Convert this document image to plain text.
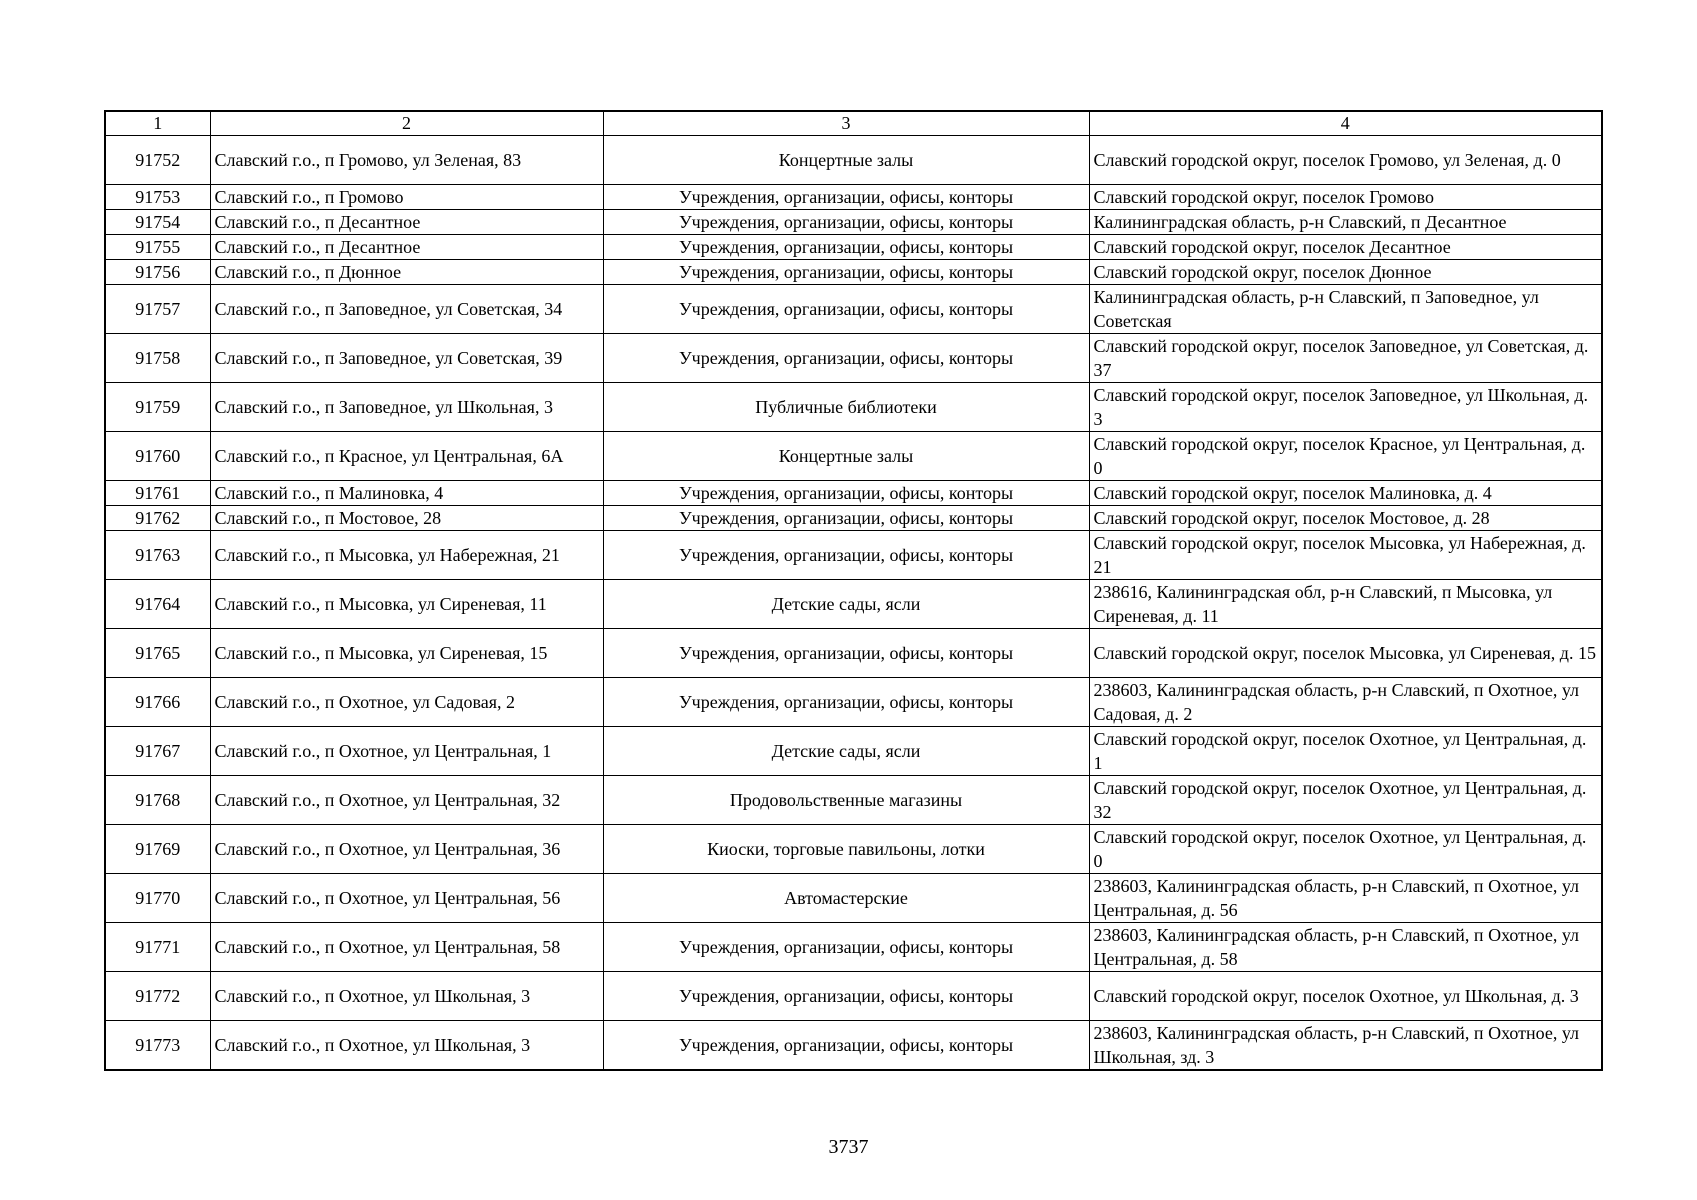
1	2	3	4
91752	Славский г.о., п Громово, ул Зеленая, 83	Концертные залы	Славский городской округ, поселок Громово, ул Зеленая, д. 0
91753	Славский г.о., п Громово	Учреждения, организации, офисы, конторы	Славский городской округ, поселок Громово
91754	Славский г.о., п Десантное	Учреждения, организации, офисы, конторы	Калининградская область, р-н Славский, п Десантное
91755	Славский г.о., п Десантное	Учреждения, организации, офисы, конторы	Славский городской округ, поселок Десантное
91756	Славский г.о., п Дюнное	Учреждения, организации, офисы, конторы	Славский городской округ, поселок Дюнное
91757	Славский г.о., п Заповедное, ул Советская, 34	Учреждения, организации, офисы, конторы	Калининградская область, р-н Славский, п Заповедное, ул Советская
91758	Славский г.о., п Заповедное, ул Советская, 39	Учреждения, организации, офисы, конторы	Славский городской округ, поселок Заповедное, ул Советская, д. 37
91759	Славский г.о., п Заповедное, ул Школьная, 3	Публичные библиотеки	Славский городской округ, поселок Заповедное, ул Школьная, д. 3
91760	Славский г.о., п Красное, ул Центральная, 6А	Концертные залы	Славский городской округ, поселок Красное, ул Центральная, д. 0
91761	Славский г.о., п Малиновка, 4	Учреждения, организации, офисы, конторы	Славский городской округ, поселок Малиновка, д. 4
91762	Славский г.о., п Мостовое, 28	Учреждения, организации, офисы, конторы	Славский городской округ, поселок Мостовое, д. 28
91763	Славский г.о., п Мысовка, ул Набережная, 21	Учреждения, организации, офисы, конторы	Славский городской округ, поселок Мысовка, ул Набережная, д. 21
91764	Славский г.о., п Мысовка, ул Сиреневая, 11	Детские сады, ясли	238616, Калининградская обл, р-н Славский, п Мысовка, ул Сиреневая, д. 11
91765	Славский г.о., п Мысовка, ул Сиреневая, 15	Учреждения, организации, офисы, конторы	Славский городской округ, поселок Мысовка, ул Сиреневая, д. 15
91766	Славский г.о., п Охотное, ул Садовая, 2	Учреждения, организации, офисы, конторы	238603, Калининградская область, р-н Славский, п Охотное, ул Садовая, д. 2
91767	Славский г.о., п Охотное, ул Центральная, 1	Детские сады, ясли	Славский городской округ, поселок Охотное, ул Центральная, д. 1
91768	Славский г.о., п Охотное, ул Центральная, 32	Продовольственные магазины	Славский городской округ, поселок Охотное, ул Центральная, д. 32
91769	Славский г.о., п Охотное, ул Центральная, 36	Киоски, торговые павильоны, лотки	Славский городской округ, поселок Охотное, ул Центральная, д. 0
91770	Славский г.о., п Охотное, ул Центральная, 56	Автомастерские	238603, Калининградская область, р-н Славский, п Охотное, ул Центральная, д. 56
91771	Славский г.о., п Охотное, ул Центральная, 58	Учреждения, организации, офисы, конторы	238603, Калининградская область, р-н Славский, п Охотное, ул Центральная, д. 58
91772	Славский г.о., п Охотное, ул Школьная, 3	Учреждения, организации, офисы, конторы	Славский городской округ, поселок Охотное, ул Школьная, д. 3
91773	Славский г.о., п Охотное, ул Школьная, 3	Учреждения, организации, офисы, конторы	238603, Калининградская область, р-н Славский, п Охотное, ул Школьная, зд. 3
3737
